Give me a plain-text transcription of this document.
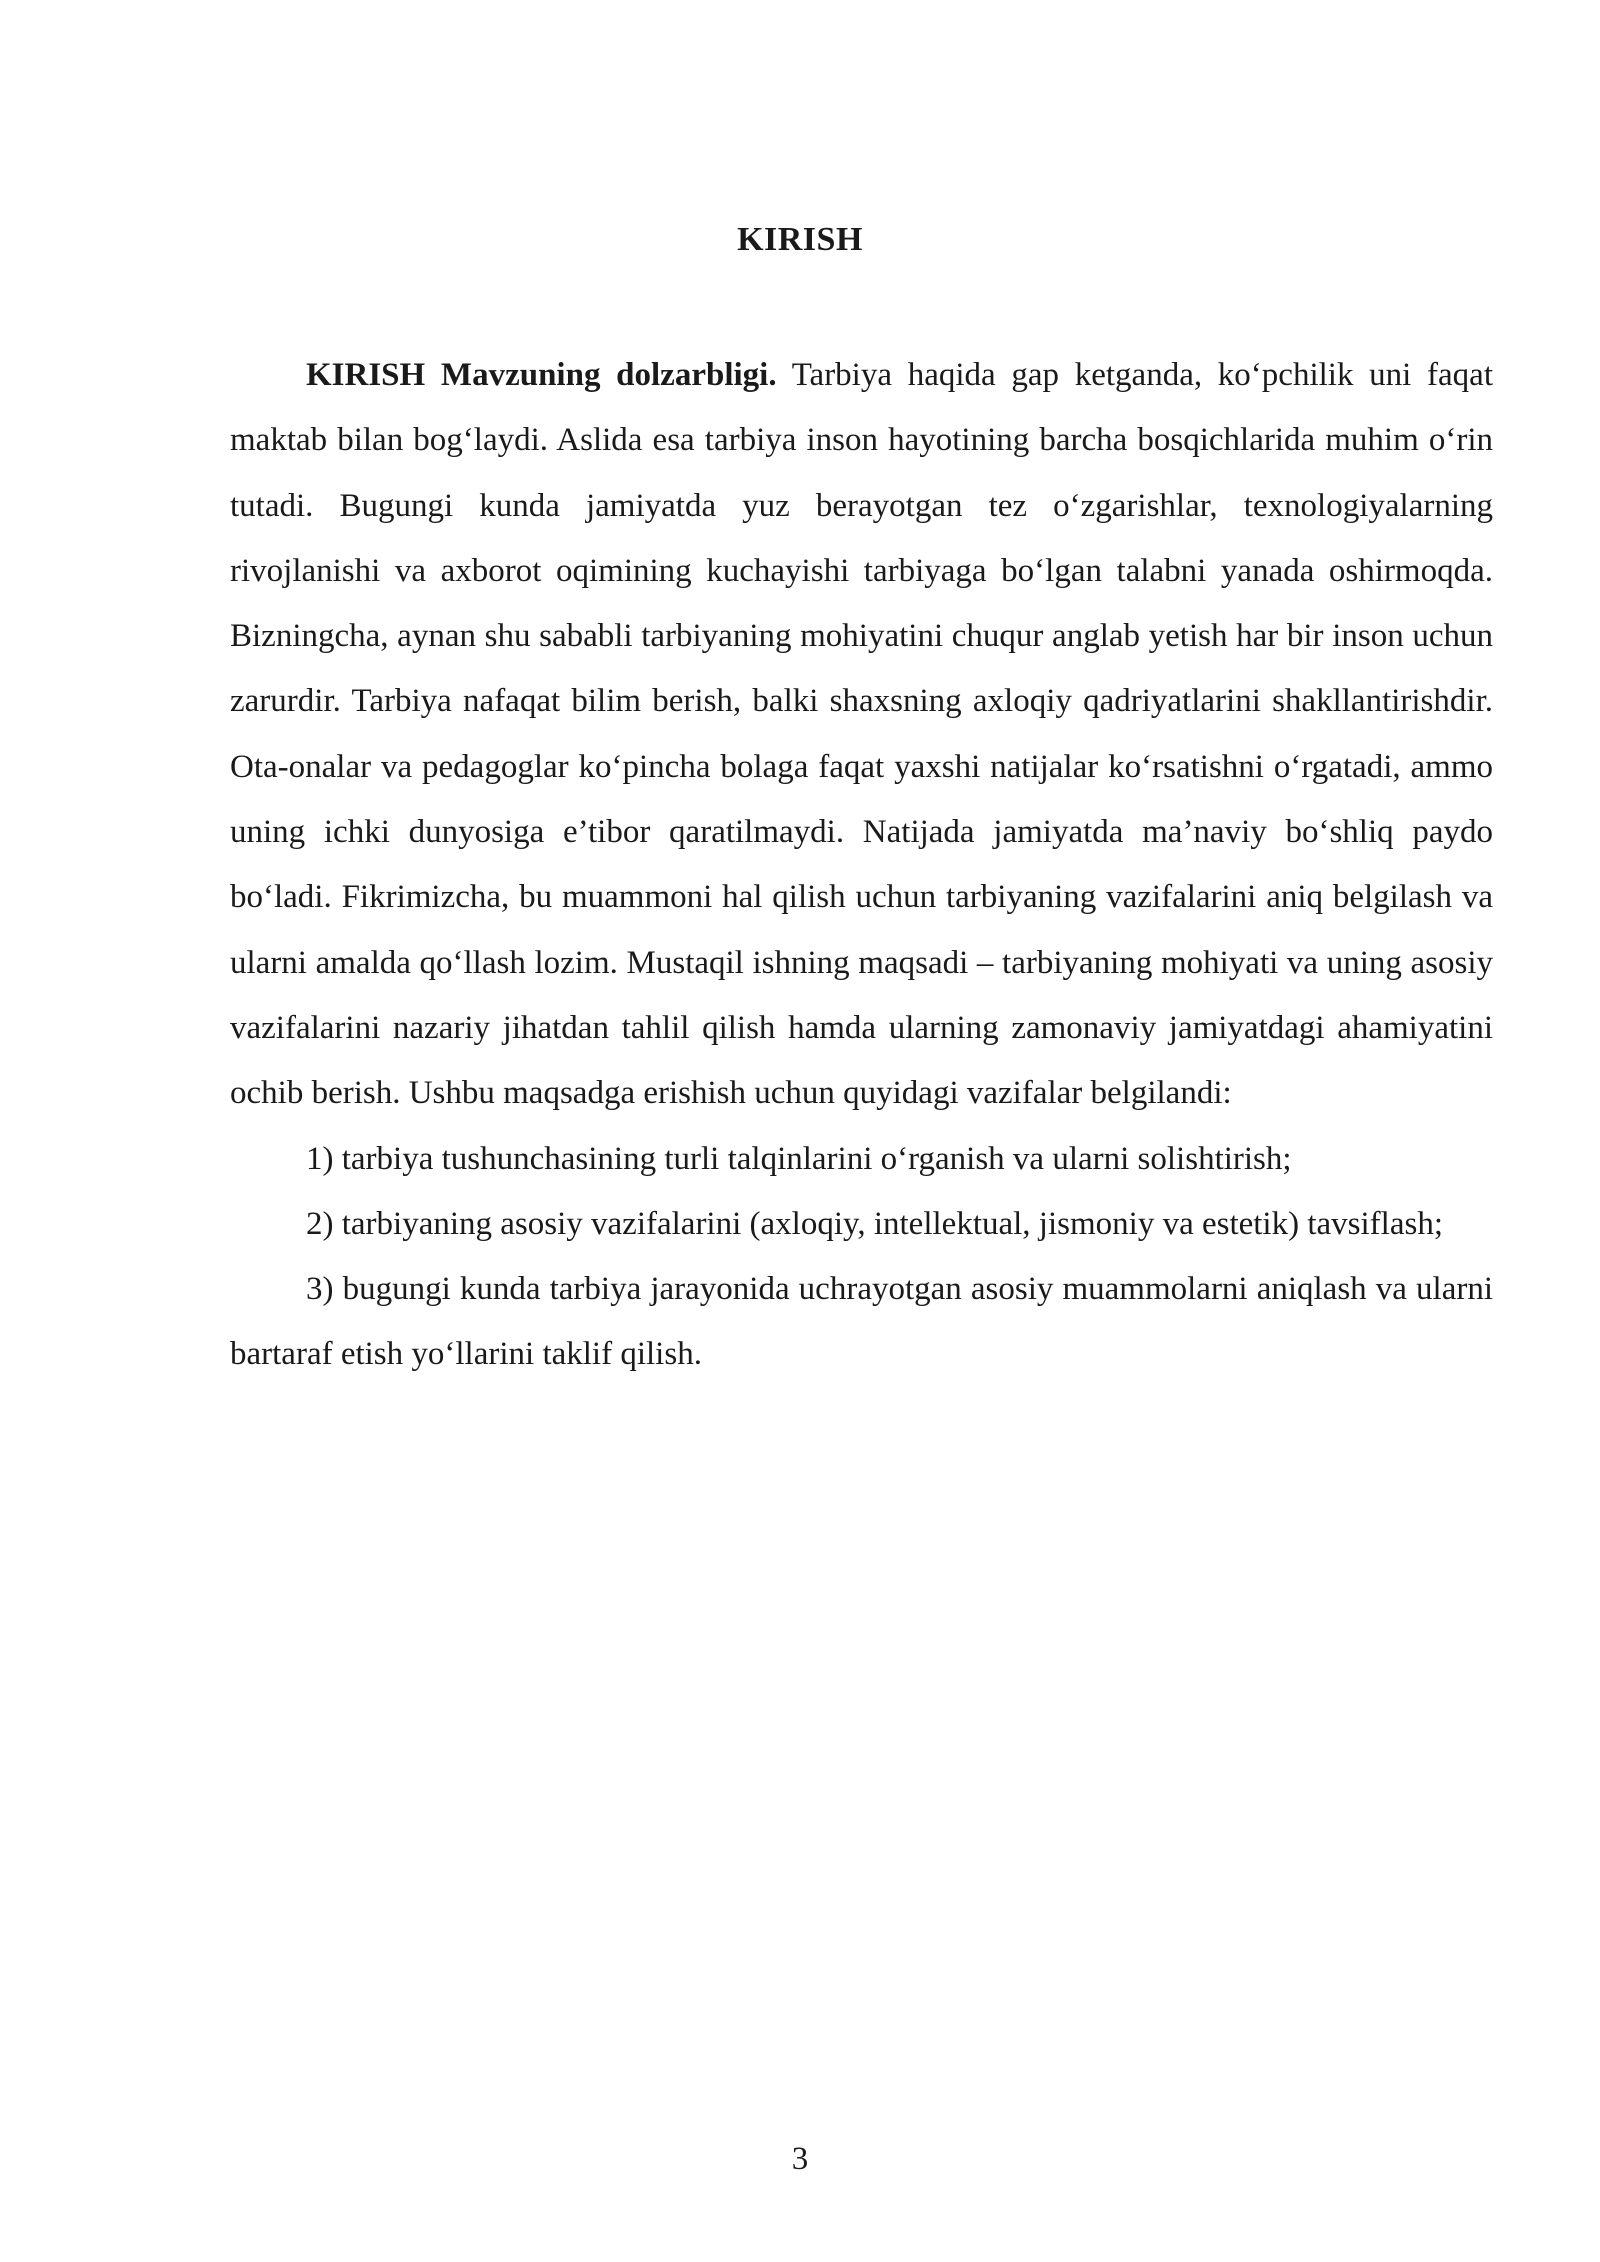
KIRISH

KIRISH Mavzuning dolzarbligi. Tarbiya haqida gap ketganda, ko‘pchilik uni faqat maktab bilan bog‘laydi. Aslida esa tarbiya inson hayotining barcha bosqichlarida muhim o‘rin tutadi. Bugungi kunda jamiyatda yuz berayotgan tez o‘zgarishlar, texnologiyalarning rivojlanishi va axborot oqimining kuchayishi tarbiyaga bo‘lgan talabni yanada oshirmoqda. Bizningcha, aynan shu sababli tarbiyaning mohiyatini chuqur anglab yetish har bir inson uchun zarurdir. Tarbiya nafaqat bilim berish, balki shaxsning axloqiy qadriyatlarini shakllantirishdir. Ota-onalar va pedagoglar ko‘pincha bolaga faqat yaxshi natijalar ko‘rsatishni o‘rgatadi, ammo uning ichki dunyosiga e’tibor qaratilmaydi. Natijada jamiyatda ma’naviy bo‘shliq paydo bo‘ladi. Fikrimizcha, bu muammoni hal qilish uchun tarbiyaning vazifalarini aniq belgilash va ularni amalda qo‘llash lozim. Mustaqil ishning maqsadi – tarbiyaning mohiyati va uning asosiy vazifalarini nazariy jihatdan tahlil qilish hamda ularning zamonaviy jamiyatdagi ahamiyatini ochib berish. Ushbu maqsadga erishish uchun quyidagi vazifalar belgilandi:

1) tarbiya tushunchasining turli talqinlarini o‘rganish va ularni solishtirish;

2) tarbiyaning asosiy vazifalarini (axloqiy, intellektual, jismoniy va estetik) tavsiflash;

3) bugungi kunda tarbiya jarayonida uchrayotgan asosiy muammolarni aniqlash va ularni bartaraf etish yo‘llarini taklif qilish.

3
